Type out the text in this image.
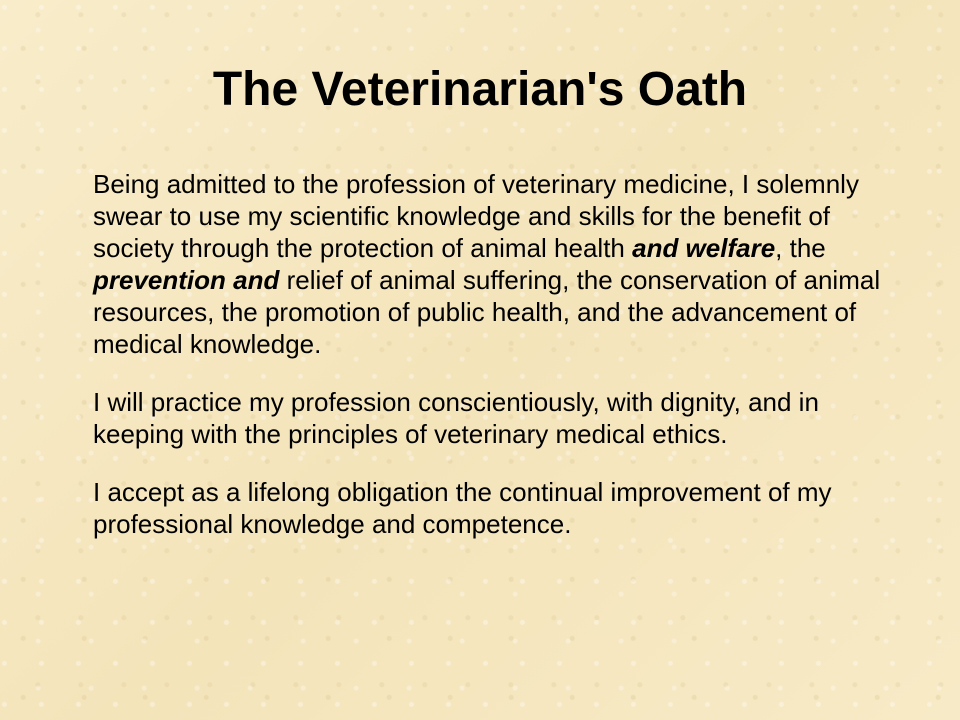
The Veterinarian's Oath

Being admitted to the profession of veterinary medicine, I solemnly swear to use my scientific knowledge and skills for the benefit of society through the protection of animal health and welfare, the prevention and relief of animal suffering, the conservation of animal resources, the promotion of public health, and the advancement of medical knowledge.

I will practice my profession conscientiously, with dignity, and in keeping with the principles of veterinary medical ethics.

I accept as a lifelong obligation the continual improvement of my professional knowledge and competence.
